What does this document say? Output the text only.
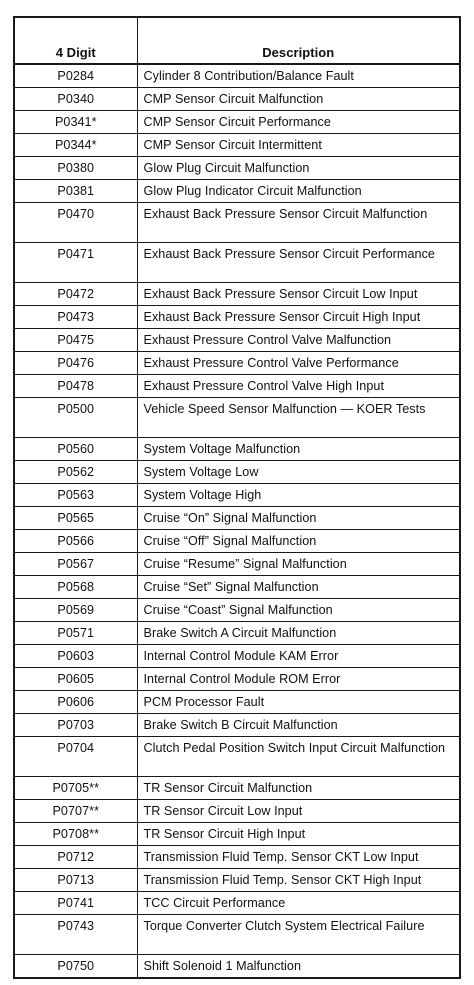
4 Digit	Description
P0284	Cylinder 8 Contribution/Balance Fault
P0340	CMP Sensor Circuit Malfunction
P0341*	CMP Sensor Circuit Performance
P0344*	CMP Sensor Circuit Intermittent
P0380	Glow Plug Circuit Malfunction
P0381	Glow Plug Indicator Circuit Malfunction
P0470	Exhaust Back Pressure Sensor Circuit Malfunction
P0471	Exhaust Back Pressure Sensor Circuit Performance
P0472	Exhaust Back Pressure Sensor Circuit Low Input
P0473	Exhaust Back Pressure Sensor Circuit High Input
P0475	Exhaust Pressure Control Valve Malfunction
P0476	Exhaust Pressure Control Valve Performance
P0478	Exhaust Pressure Control Valve High Input
P0500	Vehicle Speed Sensor Malfunction — KOER Tests
P0560	System Voltage Malfunction
P0562	System Voltage Low
P0563	System Voltage High
P0565	Cruise “On” Signal Malfunction
P0566	Cruise “Off” Signal Malfunction
P0567	Cruise “Resume” Signal Malfunction
P0568	Cruise “Set” Signal Malfunction
P0569	Cruise “Coast” Signal Malfunction
P0571	Brake Switch A Circuit Malfunction
P0603	Internal Control Module KAM Error
P0605	Internal Control Module ROM Error
P0606	PCM Processor Fault
P0703	Brake Switch B Circuit Malfunction
P0704	Clutch Pedal Position Switch Input Circuit Malfunction
P0705**	TR Sensor Circuit Malfunction
P0707**	TR Sensor Circuit Low Input
P0708**	TR Sensor Circuit High Input
P0712	Transmission Fluid Temp. Sensor CKT Low Input
P0713	Transmission Fluid Temp. Sensor CKT High Input
P0741	TCC Circuit Performance
P0743	Torque Converter Clutch System Electrical Failure
P0750	Shift Solenoid 1 Malfunction
